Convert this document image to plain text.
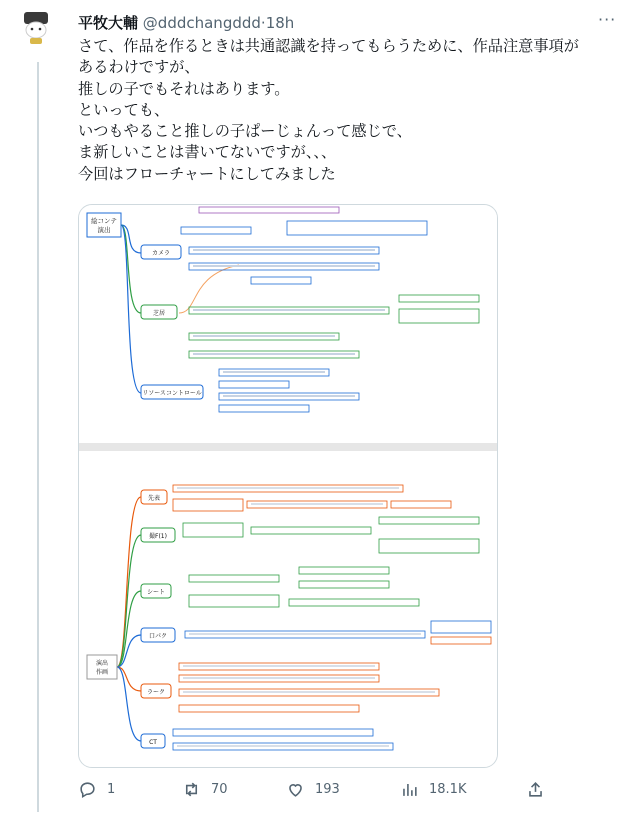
平牧大輔 @dddchangddd·18h	···
さて、作品を作るときは共通認識を持ってもらうために、作品注意事項が
あるわけですが、
推しの子でもそれはあります。
といっても、
いつもやること推しの子ぱーじょんって感じで、
ま新しいことは書いてないですが、、、
今回はフローチャートにしてみました
絵コンテ
演出
カメラ
芝居
リソースコントロール
先表
撮F(1)
シート
口パク
演出
作画
ラーク
CT
1	70	193	18.1K
